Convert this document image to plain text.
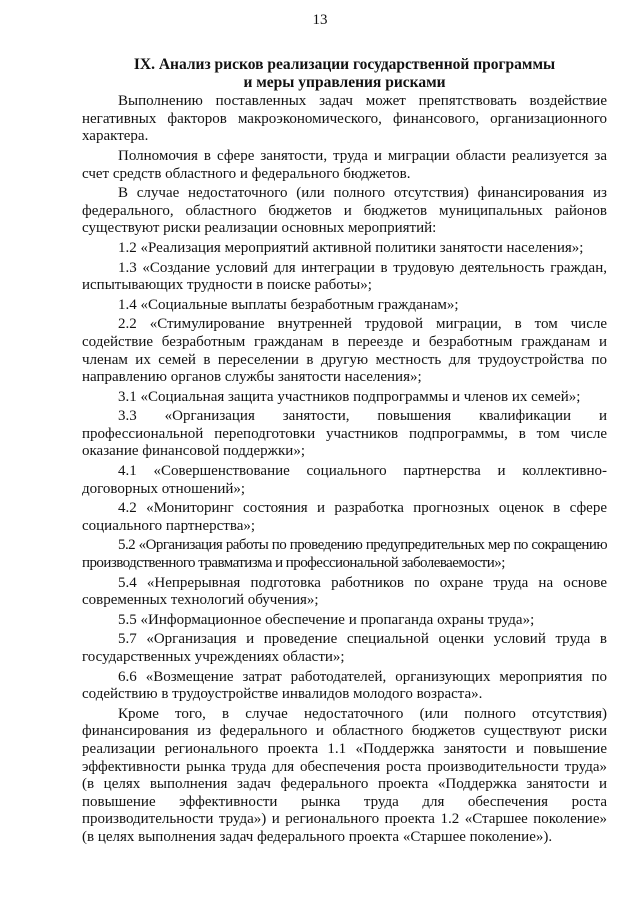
13
IX. Анализ рисков реализации государственной программы
и меры управления рисками

Выполнению поставленных задач может препятствовать воздействие негативных факторов макроэкономического, финансового, организационного характера.

Полномочия в сфере занятости, труда и миграции области реализуется за счет средств областного и федерального бюджетов.

В случае недостаточного (или полного отсутствия) финансирования из федерального, областного бюджетов и бюджетов муниципальных районов существуют риски реализации основных мероприятий:

1.2 «Реализация мероприятий активной политики занятости населения»;

1.3 «Создание условий для интеграции в трудовую деятельность граждан, испытывающих трудности в поиске работы»;

1.4 «Социальные выплаты безработным гражданам»;

2.2 «Стимулирование внутренней трудовой миграции, в том числе содействие безработным гражданам в переезде и безработным гражданам и членам их семей в переселении в другую местность для трудоустройства по направлению органов службы занятости населения»;

3.1 «Социальная защита участников подпрограммы и членов их семей»;

3.3 «Организация занятости, повышения квалификации и профессиональной переподготовки участников подпрограммы, в том числе оказание финансовой поддержки»;

4.1 «Совершенствование социального партнерства и коллективно-договорных отношений»;

4.2 «Мониторинг состояния и разработка прогнозных оценок в сфере социального партнерства»;

5.2 «Организация работы по проведению предупредительных мер по сокращению производственного травматизма и профессиональной заболеваемости»;

5.4 «Непрерывная подготовка работников по охране труда на основе современных технологий обучения»;

5.5 «Информационное обеспечение и пропаганда охраны труда»;

5.7 «Организация и проведение специальной оценки условий труда в государственных учреждениях области»;

6.6 «Возмещение затрат работодателей, организующих мероприятия по содействию в трудоустройстве инвалидов молодого возраста».

Кроме того, в случае недостаточного (или полного отсутствия) финансирования из федерального и областного бюджетов существуют риски реализации регионального проекта 1.1 «Поддержка занятости и повышение эффективности рынка труда для обеспечения роста производительности труда» (в целях выполнения задач федерального проекта «Поддержка занятости и повышение эффективности рынка труда для обеспечения роста производительности труда») и регионального проекта 1.2 «Старшее поколение» (в целях выполнения задач федерального проекта «Старшее поколение»).
